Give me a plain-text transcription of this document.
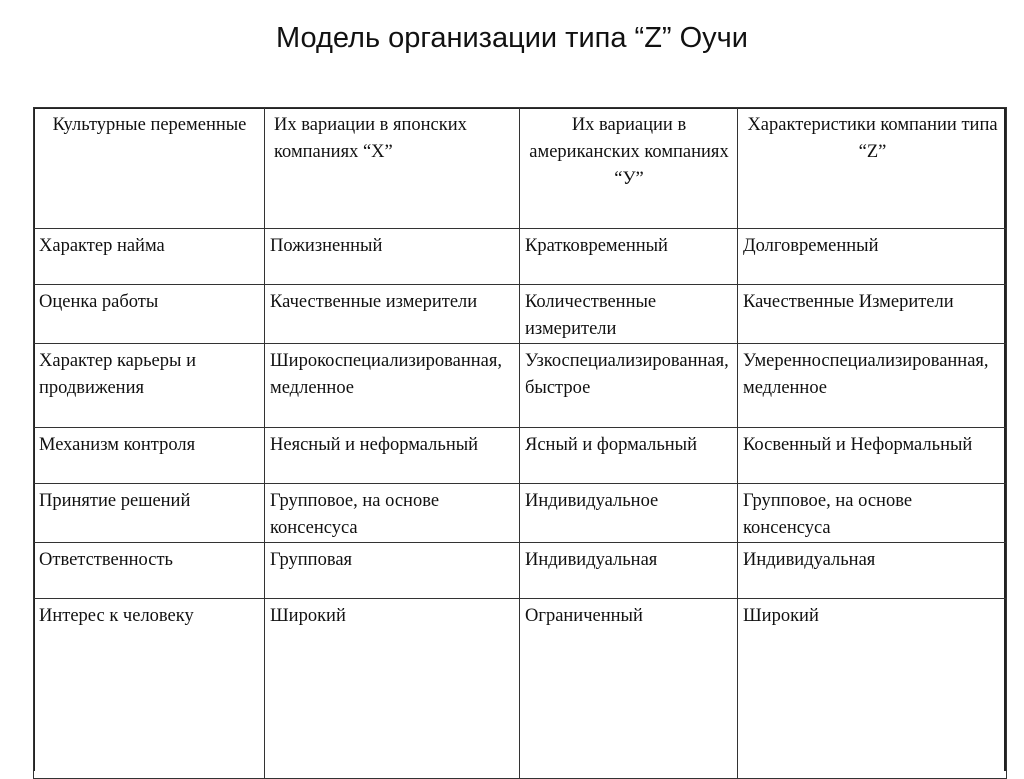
Модель организации типа “Z” Оучи
Культурные переменные	Их вариации в японских компаниях “X”	Их вариации в американских компаниях “У”	Характеристики компании типа “Z”
Характер найма	Пожизненный	Кратковременный	Долговременный
Оценка работы	Качественные измерители	Количественные измерители	Качественные Измерители
Характер карьеры и продвижения	Широкоспециализированная, медленное	Узкоспециализированная, быстрое	Умеренноспециализированная, медленное
Механизм контроля	Неясный и неформальный	Ясный и формальный	Косвенный и Неформальный
Принятие решений	Групповое, на основе консенсуса	Индивидуальное	Групповое, на основе консенсуса
Ответственность	Групповая	Индивидуальная	Индивидуальная
Интерес к человеку	Широкий	Ограниченный	Широкий
